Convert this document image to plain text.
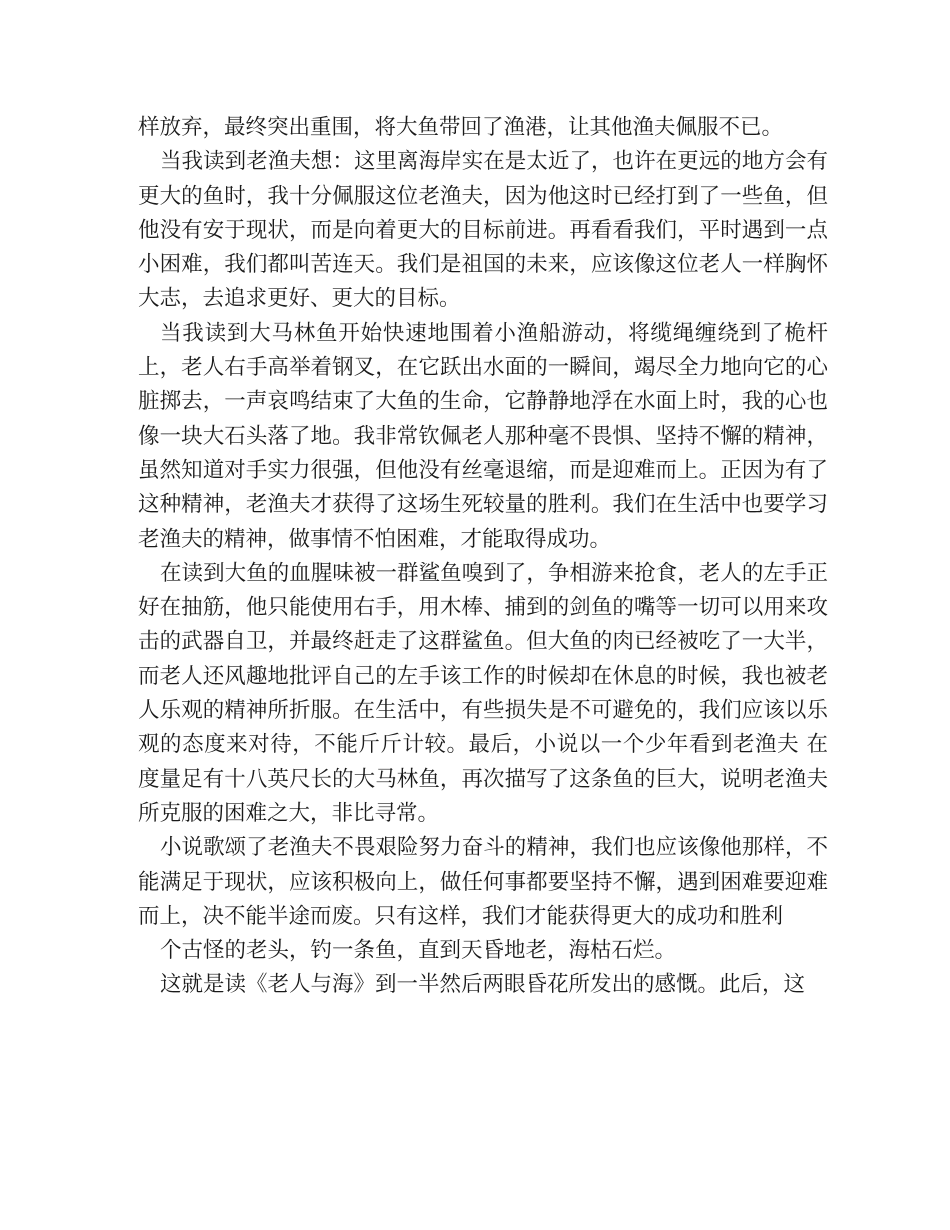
样放弃，最终突出重围，将大鱼带回了渔港，让其他渔夫佩服不已。

当我读到老渔夫想：这里离海岸实在是太近了，也许在更远的地方会有更大的鱼时，我十分佩服这位老渔夫，因为他这时已经打到了一些鱼，但他没有安于现状，而是向着更大的目标前进。再看看我们，平时遇到一点小困难，我们都叫苦连天。我们是祖国的未来，应该像这位老人一样胸怀大志，去追求更好、更大的目标。

当我读到大马林鱼开始快速地围着小渔船游动，将缆绳缠绕到了桅杆上，老人右手高举着钢叉，在它跃出水面的一瞬间，竭尽全力地向它的心脏掷去，一声哀鸣结束了大鱼的生命，它静静地浮在水面上时，我的心也像一块大石头落了地。我非常钦佩老人那种毫不畏惧、坚持不懈的精神，虽然知道对手实力很强，但他没有丝毫退缩，而是迎难而上。正因为有了这种精神，老渔夫才获得了这场生死较量的胜利。我们在生活中也要学习老渔夫的精神，做事情不怕困难，才能取得成功。

在读到大鱼的血腥味被一群鲨鱼嗅到了，争相游来抢食，老人的左手正好在抽筋，他只能使用右手，用木棒、捕到的剑鱼的嘴等一切可以用来攻击的武器自卫，并最终赶走了这群鲨鱼。但大鱼的肉已经被吃了一大半，而老人还风趣地批评自己的左手该工作的时候却在休息的时候，我也被老人乐观的精神所折服。在生活中，有些损失是不可避免的，我们应该以乐观的态度来对待，不能斤斤计较。最后，小说以一个少年看到老渔夫 在度量足有十八英尺长的大马林鱼，再次描写了这条鱼的巨大，说明老渔夫所克服的困难之大，非比寻常。

小说歌颂了老渔夫不畏艰险努力奋斗的精神，我们也应该像他那样，不能满足于现状，应该积极向上，做任何事都要坚持不懈，遇到困难要迎难而上，决不能半途而废。只有这样，我们才能获得更大的成功和胜利

个古怪的老头，钓一条鱼，直到天昏地老，海枯石烂。

这就是读《老人与海》到一半然后两眼昏花所发出的感慨。此后，这
